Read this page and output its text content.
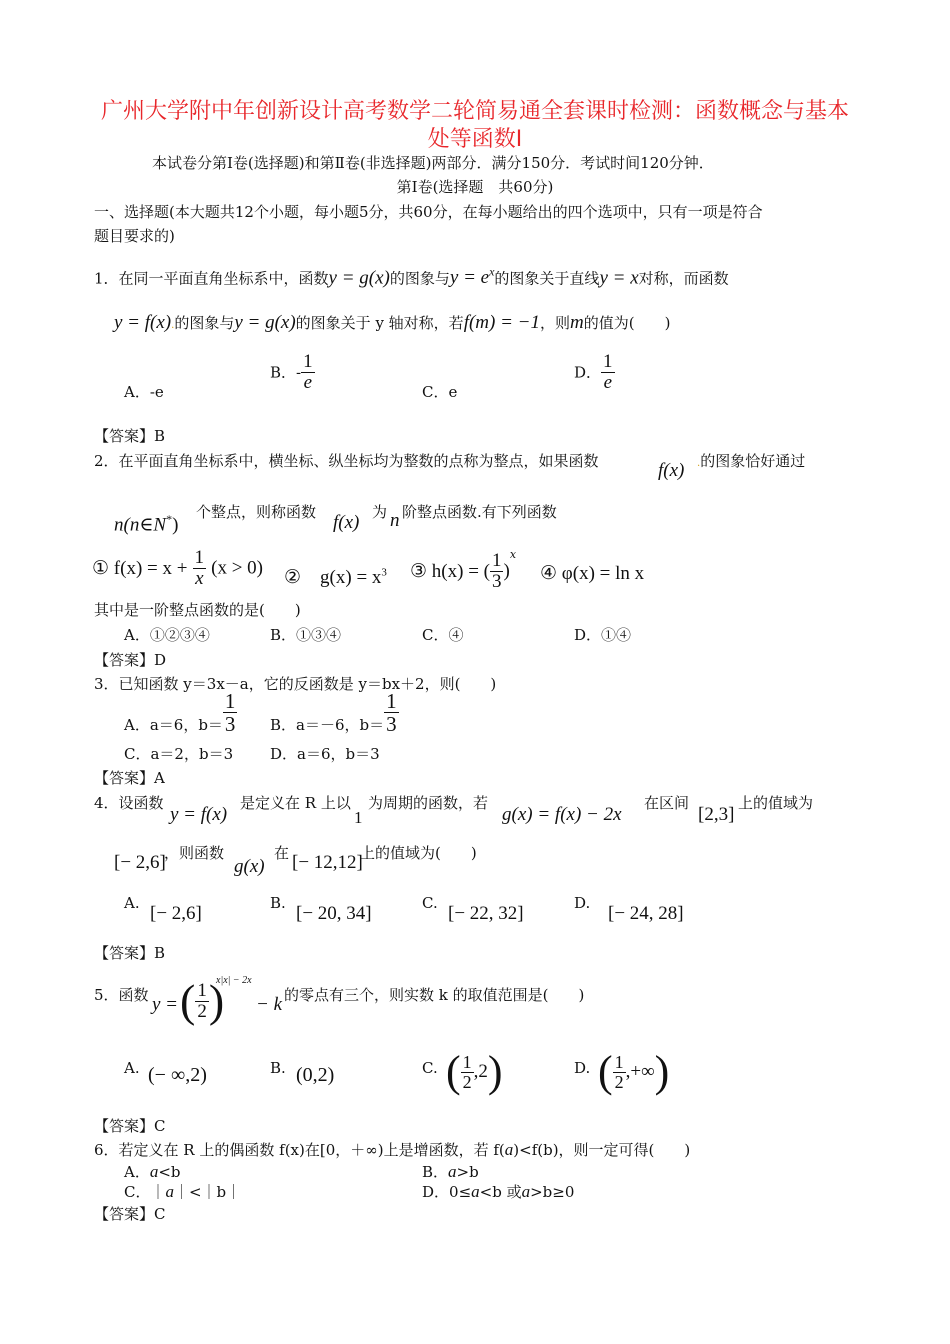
广州大学附中年创新设计高考数学二轮简易通全套课时检测：函数概念与基本
处等函数Ⅰ
本试卷分第Ⅰ卷(选择题)和第Ⅱ卷(非选择题)两部分．满分150分．考试时间120分钟．
第Ⅰ卷(选择题　共60分)
一、选择题(本大题共12个小题，每小题5分，共60分，在每小题给出的四个选项中，只有一项是符合
题目要求的)
1．在同一平面直角坐标系中，函数y = g(x)的图象与$y = e^x$的图象关于直线y = x对称，而函数
y = f(x).的图象与y = g(x)的图象关于 y 轴对称，若f(m) = −1，则m的值为(　　)
A．-e
B．- $\frac{1}{e}$	C．e
D． $\frac{1}{e}$
【答案】B
2．在平面直角坐标系中，横坐标、纵坐标均为整数的点称为整点，如果函数	f(x) .的图象恰好通过
n(n∈N*)
个整点，则称函数 f(x) 为 n 阶整点函数.有下列函数
① $f(x) = x + \frac{1}{x} (x > 0)$ ②　$g(x) = x^3$ ③ h(x) = ( $\frac{1}{3} )^x$
④ φ(x) = ln x
其中是一阶整点函数的是(　　)
A．①②③④	B．①③④	C．④	D．①④
【答案】D
3．已知函数 y＝3x－a，它的反函数是 y＝bx＋2，则(　　)
A．a＝6，$b= \frac{1}{3}$ B．a＝－6，$b= \frac{1}{3}$
C．a＝2，b＝3 D．a＝6，b＝3
【答案】A
4．设函数
y = f(x)
是定义在 R 上以
1
为周期的函数，若
g(x) = f(x) − 2x
在区间
[2,3]
上的值域为
[− 2,6]
，则函数
g(x)
在 [− 12,12]
上的值域为(　　)
A. [− 2,6]	B. [− 20, 34]	C. [− 22, 32]	D. [− 24, 28]
【答案】B
5．函数 y = ( $\frac{1}{2}$ )
x|x| − 2x
− k 的零点有三个，则实数 k 的取值范围是(　　)
A. (− ∞,2)	B. (0,2)	C. ( $\frac{1}{2} ,2$)	D. ( $\frac{1}{2}$ ,+∞)
【答案】C
6．若定义在 R 上的偶函数 f(x)在[0，＋∞)上是增函数，若 f(a)<f(b)，则一定可得(　　)
A．a<b	B．a>b
C．｜a｜<｜b｜	D．0≤a<b 或a>b≥0
【答案】C
